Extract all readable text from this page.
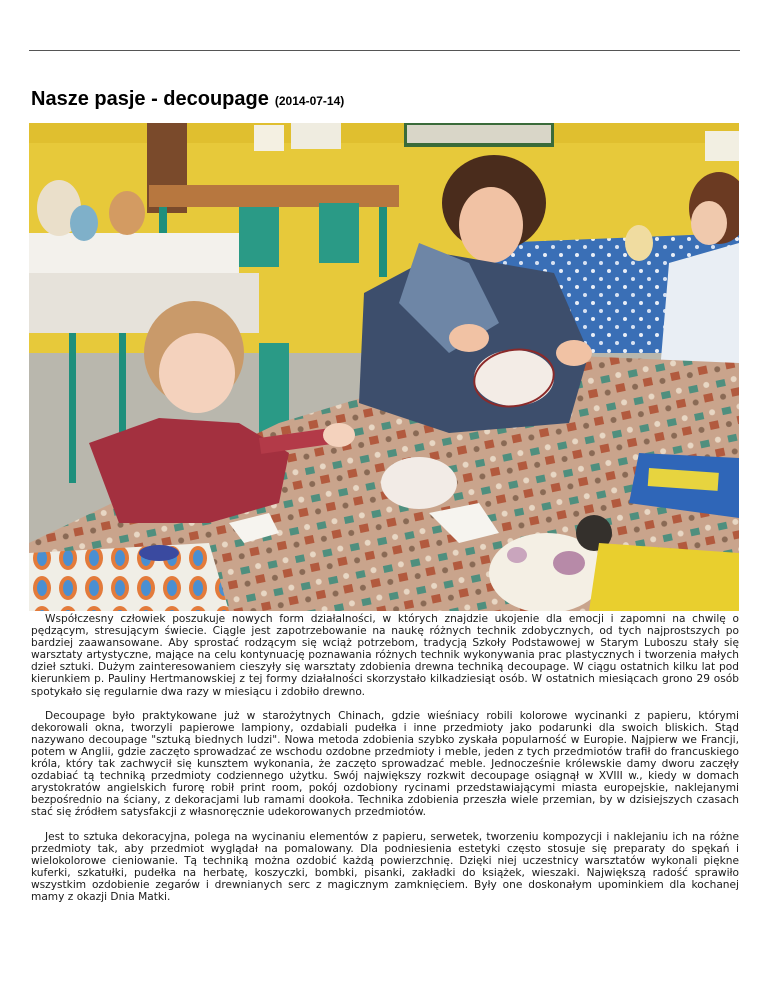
Nasze pasje - decoupage (2014-07-14)

Współczesny człowiek poszukuje nowych form działalności, w których znajdzie ukojenie dla emocji i zapomni na chwilę o pędzącym, stresującym świecie. Ciągle jest zapotrzebowanie na naukę różnych technik zdobycznych, od tych najprostszych po bardziej zaawansowane. Aby sprostać rodzącym się wciąż potrzebom, tradycją Szkoły Podstawowej w Starym Luboszu stały się warsztaty artystyczne, mające na celu kontynuację poznawania różnych technik wykonywania prac plastycznych i tworzenia małych dzieł sztuki. Dużym zainteresowaniem cieszyły się warsztaty zdobienia drewna techniką decoupage. W ciągu ostatnich kilku lat pod kierunkiem p. Pauliny Hertmanowskiej z tej formy działalności skorzystało kilkadziesiąt osób. W ostatnich miesiącach grono 29 osób spotykało się regularnie dwa razy w miesiącu i zdobiło drewno.

Decoupage było praktykowane już w starożytnych Chinach, gdzie wieśniacy robili kolorowe wycinanki z papieru, którymi dekorowali okna, tworzyli papierowe lampiony, ozdabiali pudełka i inne przedmioty jako podarunki dla swoich bliskich. Stąd nazywano decoupage "sztuką biednych ludzi". Nowa metoda zdobienia szybko zyskała popularność w Europie. Najpierw we Francji, potem w Anglii, gdzie zaczęto sprowadzać ze wschodu ozdobne przedmioty i meble, jeden z tych przedmiotów trafił do francuskiego króla, który tak zachwycił się kunsztem wykonania, że zaczęto sprowadzać meble. Jednocześnie królewskie damy dworu zaczęły ozdabiać tą techniką przedmioty codziennego użytku. Swój największy rozkwit decoupage osiągnął w XVIII w., kiedy w domach arystokratów angielskich furorę robił print room, pokój ozdobiony rycinami przedstawiającymi miasta europejskie, naklejanymi bezpośrednio na ściany, z dekoracjami lub ramami dookoła. Technika zdobienia przeszła wiele przemian, by w dzisiejszych czasach stać się źródłem satysfakcji z własnoręcznie udekorowanych przedmiotów.

Jest to sztuka dekoracyjna, polega na wycinaniu elementów z papieru, serwetek, tworzeniu kompozycji i naklejaniu ich na różne przedmioty tak, aby przedmiot wyglądał na pomalowany. Dla podniesienia estetyki często stosuje się preparaty do spękań i wielokolorowe cieniowanie. Tą techniką można ozdobić każdą powierzchnię. Dzięki niej uczestnicy warsztatów wykonali piękne kuferki, szkatułki, pudełka na herbatę, koszyczki, bombki, pisanki, zakładki do książek, wieszaki. Największą radość sprawiło wszystkim ozdobienie zegarów i drewnianych serc z magicznym zamknięciem. Były one doskonałym upominkiem dla kochanej mamy z okazji Dnia Matki.
